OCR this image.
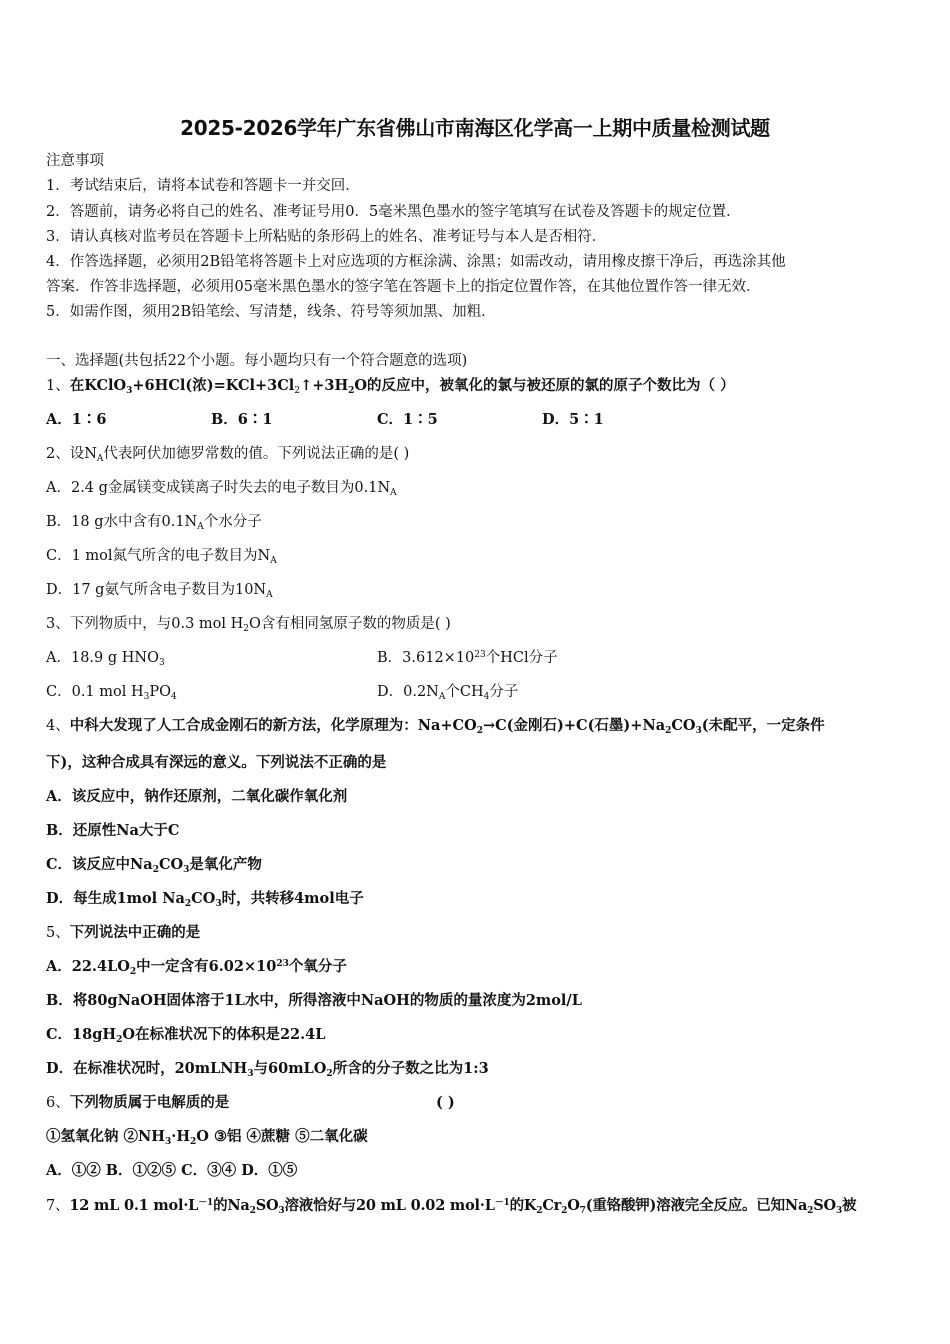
2025-2026学年广东省佛山市南海区化学高一上期中质量检测试题
注意事项
1．考试结束后，请将本试卷和答题卡一并交回．
2．答题前，请务必将自己的姓名、准考证号用0．5毫米黑色墨水的签字笔填写在试卷及答题卡的规定位置．
3．请认真核对监考员在答题卡上所粘贴的条形码上的姓名、准考证号与本人是否相符．
4．作答选择题，必须用2B铅笔将答题卡上对应选项的方框涂满、涂黑；如需改动，请用橡皮擦干净后，再选涂其他
答案．作答非选择题，必须用05毫米黑色墨水的签字笔在答题卡上的指定位置作答，在其他位置作答一律无效．
5．如需作图，须用2B铅笔绘、写清楚，线条、符号等须加黑、加粗．
一、选择题(共包括22个小题。每小题均只有一个符合题意的选项)
1、在KClO$_3$+6HCl(浓)$=KCl+3Cl_2↑+3H_2O$的反应中，被氧化的氯与被还原的氯的原子个数比为（ ）
A．1∶6	B．6∶1	C．1∶5	D．5∶1
2、设$N_A$代表阿伏加德罗常数的值。下列说法正确的是( )
A．2.4 g金属镁变成镁离子时失去的电子数目为$0.1N_A$
B．18 g水中含有$0.1N_A$个水分子
C．1 mol氮气所含的电子数目为$N_A$
D．17 g氨气所含电子数目为$10N_A$
3、下列物质中，与0.3 mol $H_2O$含有相同氢原子数的物质是( )
A．18.9 g $HNO_3$	B．$3.612\times 10^{23}$个HCl分子
C．0.1 mol $H_3PO_4$	D．$0.2N_A$个$CH_4$分子
4、中科大发现了人工合成金刚石的新方法，化学原理为：$Na+CO_2\to C$(金刚石)+C(石墨)$+Na_2CO_3$(未配平，一定条件
下)，这种合成具有深远的意义。下列说法不正确的是
A．该反应中，钠作还原剂，二氧化碳作氧化剂
B．还原性Na大于C
C．该反应中$Na_2CO_3$是氧化产物
D．每生成1mol $Na_2CO_3$时，共转移4mol电子
5、下列说法中正确的是
A．$22.4LO_2$中一定含有$6.02\times 10^{23}$个氧分子
B．将80gNaOH固体溶于1L水中，所得溶液中NaOH的物质的量浓度为2mol/L
C．$18gH_2O$在标准状况下的体积是22.4L
D．在标准状况时，20mLNH$_3$与60mLO$_2$所含的分子数之比为1:3
6、下列物质属于电解质的是	( )
①氢氧化钠 $②NH_3\cdot H_2O$ ③铝 ④蔗糖 ⑤二氧化碳
A．①② B．①②⑤ C．③④ D．①⑤
7、12 mL 0.1 $mol\cdot L^{-1}$的$Na_2SO_3$溶液恰好与20 mL 0.02 $mol\cdot L^{-1}$的$K_2Cr_2O_7$(重铬酸钾)溶液完全反应。已知$Na_2SO_3$被
